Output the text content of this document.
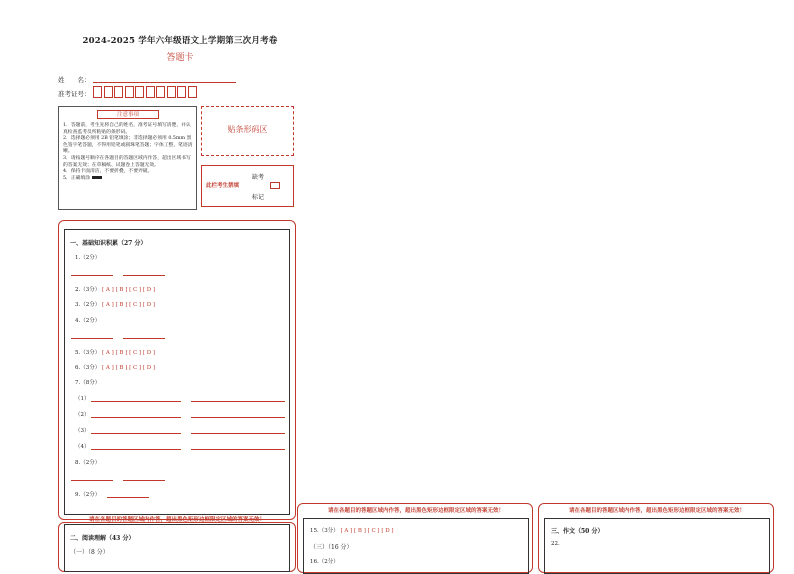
2024-2025 学年六年级语文上学期第三次月考卷
答题卡
姓　　名：
准考证号：
注意事项
1．答题前，考生先将自己的姓名，准考证号填写清楚，并认真检查监考员所粘贴的条形码。
2．选择题必须用 2B 铅笔填涂；非选择题必须用 0.5mm 黑色签字笔答题，不得用铅笔或圆珠笔答题；字体工整，笔迹清晰。
3．请按题号顺序在各题目的答题区域内作答，超出区域书写的答案无效；在草稿纸、试题卷上答题无效。
4．保持卡面清洁，不要折叠，不要弄破。
5．正确填涂
贴条形码区
缺考
此栏考生禁填
标记
一、基础知识积累（27 分）
1.（2分）
2.（3分） [ A ] [ B ] [ C ] [ D ]
3.（2分） [ A ] [ B ] [ C ] [ D ]
4.（2分）
5.（3分） [ A ] [ B ] [ C ] [ D ]
6.（3分） [ A ] [ B ] [ C ] [ D ]
7.（8分）
（1）
（2）
（3）
（4）
8.（2分）
9.（2分）
请在各题目的答题区域内作答，超出黑色矩形边框限定区域的答案无效！
二、阅读理解（43 分）
（一）（8 分）
请在各题目的答题区域内作答，超出黑色矩形边框限定区域的答案无效！
15.（3分） [ A ] [ B ] [ C ] [ D ]
（三）（16 分）
16.（2分）
请在各题目的答题区域内作答，超出黑色矩形边框限定区域的答案无效！
三、作文（50 分）
22.
